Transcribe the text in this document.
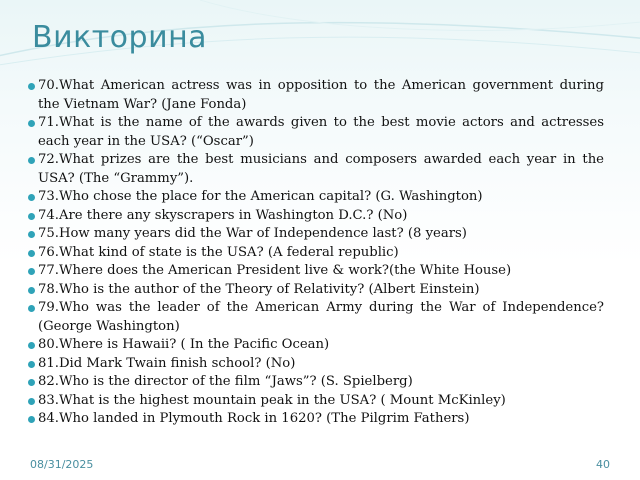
Викторина
70.What American actress was in opposition to the American government during the Vietnam War? (Jane Fonda)
71.What is the name of the awards given to the best movie actors and actresses each year in the USA? (“Oscar”)
72.What prizes are the best musicians and composers awarded each year in the USA? (The “Grammy”).
73.Who chose the place for the American capital? (G. Washington)
74.Are there any skyscrapers in Washington D.C.? (No)
75.How many years did the War of Independence last? (8 years)
76.What kind of state is the USA? (A federal republic)
77.Where does the American President live & work?(the White House)
78.Who is the author of the Theory of Relativity? (Albert Einstein)
79.Who was the leader of the American Army during the War of Independence? (George Washington)
80.Where is Hawaii? ( In the Pacific Ocean)
81.Did Mark Twain finish school? (No)
82.Who is the director of the film “Jaws”? (S. Spielberg)
83.What is the highest mountain peak in the USA? ( Mount McKinley)
84.Who landed in Plymouth Rock in 1620? (The Pilgrim Fathers)
08/31/2025	40
